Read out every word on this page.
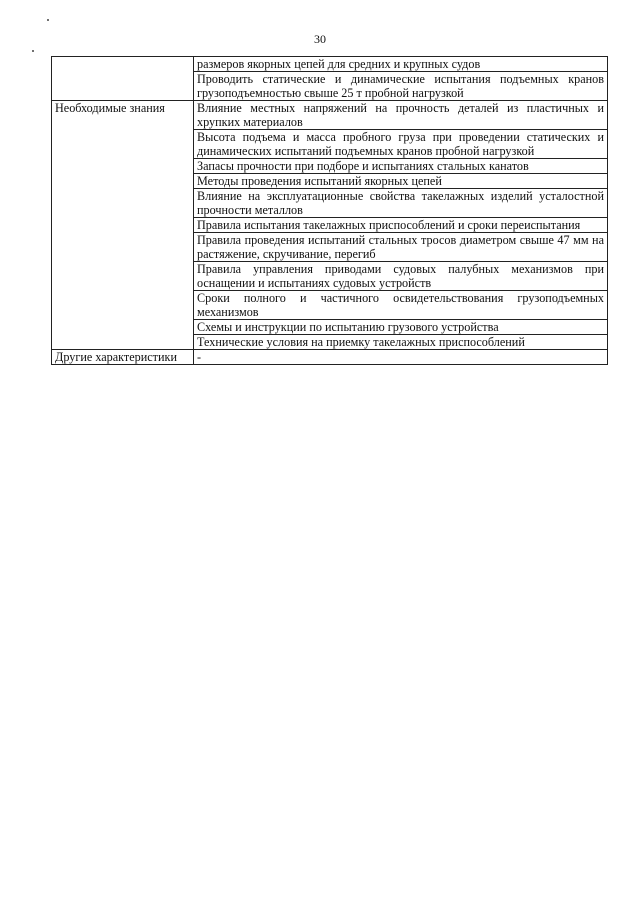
30
	размеров якорных цепей для средних и крупных судов
	Проводить статические и динамические испытания подъемных кранов грузоподъемностью свыше 25 т пробной нагрузкой
Необходимые знания	Влияние местных напряжений на прочность деталей из пластичных и хрупких материалов
	Высота подъема и масса пробного груза при проведении статических и динамических испытаний подъемных кранов пробной нагрузкой
	Запасы прочности при подборе и испытаниях стальных канатов
	Методы проведения испытаний якорных цепей
	Влияние на эксплуатационные свойства такелажных изделий усталостной прочности металлов
	Правила испытания такелажных приспособлений и сроки переиспытания
	Правила проведения испытаний стальных тросов диаметром свыше 47 мм на растяжение, скручивание, перегиб
	Правила управления приводами судовых палубных механизмов при оснащении и испытаниях судовых устройств
	Сроки полного и частичного освидетельствования грузоподъемных механизмов
	Схемы и инструкции по испытанию грузового устройства
	Технические условия на приемку такелажных приспособлений
Другие характеристики	-
